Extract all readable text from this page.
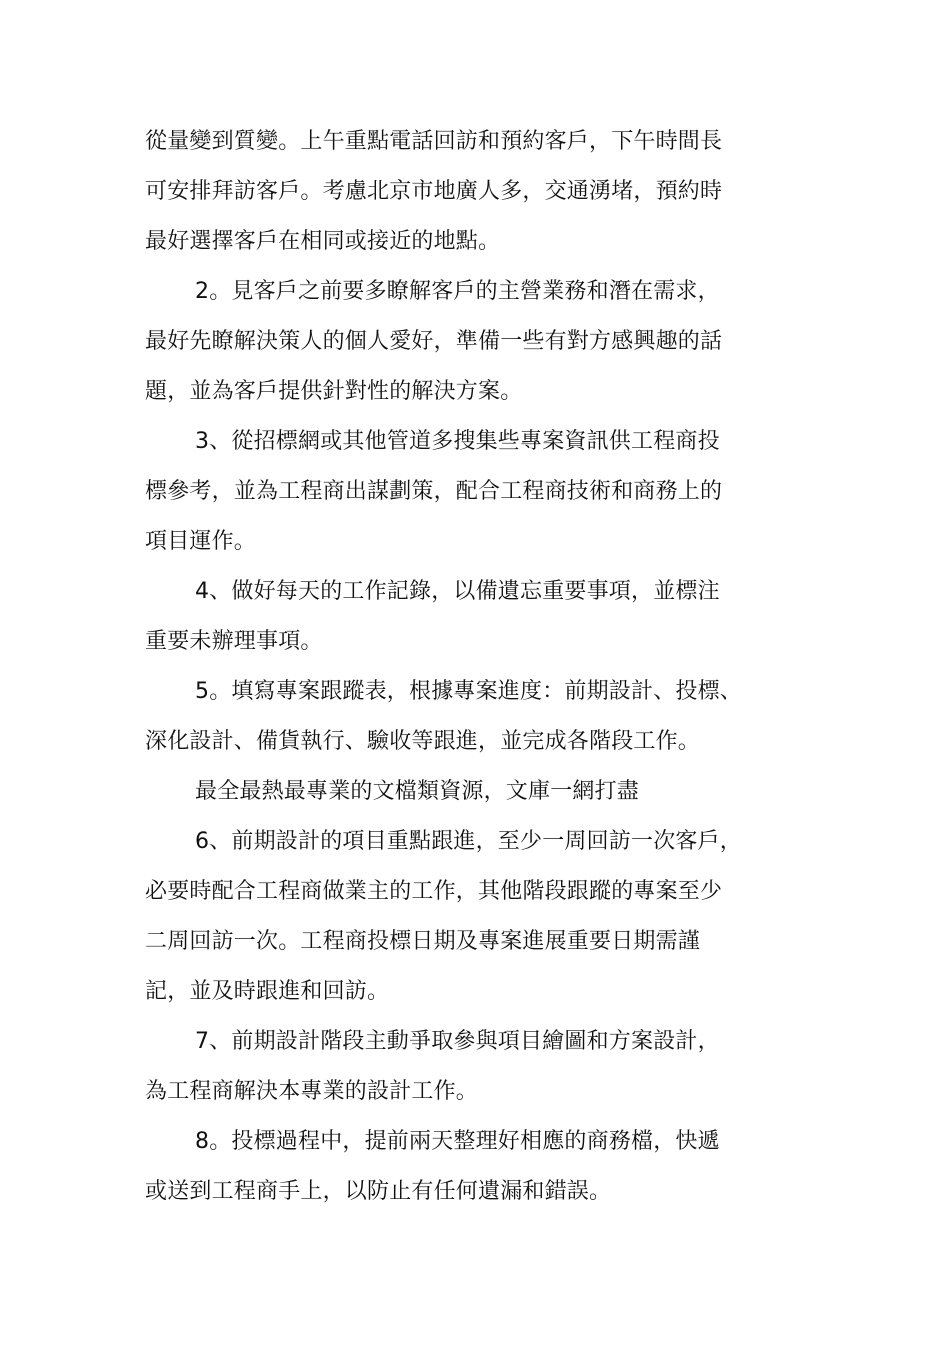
從量變到質變。上午重點電話回訪和預約客戶，下午時間長
可安排拜訪客戶。考慮北京市地廣人多，交通湧堵，預約時
最好選擇客戶在相同或接近的地點。

2。見客戶之前要多瞭解客戶的主營業務和潛在需求，
最好先瞭解決策人的個人愛好，準備一些有對方感興趣的話
題，並為客戶提供針對性的解決方案。

3、從招標網或其他管道多搜集些專案資訊供工程商投
標參考，並為工程商出謀劃策，配合工程商技術和商務上的
項目運作。

4、做好每天的工作記錄，以備遺忘重要事項，並標注
重要未辦理事項。

5。填寫專案跟蹤表，根據專案進度：前期設計、投標、
深化設計、備貨執行、驗收等跟進，並完成各階段工作。

最全最熱最專業的文檔類資源，文庫一網打盡

6、前期設計的項目重點跟進，至少一周回訪一次客戶，
必要時配合工程商做業主的工作，其他階段跟蹤的專案至少
二周回訪一次。工程商投標日期及專案進展重要日期需謹
記，並及時跟進和回訪。

7、前期設計階段主動爭取參與項目繪圖和方案設計，
為工程商解決本專業的設計工作。

8。投標過程中，提前兩天整理好相應的商務檔，快遞
或送到工程商手上，以防止有任何遺漏和錯誤。
